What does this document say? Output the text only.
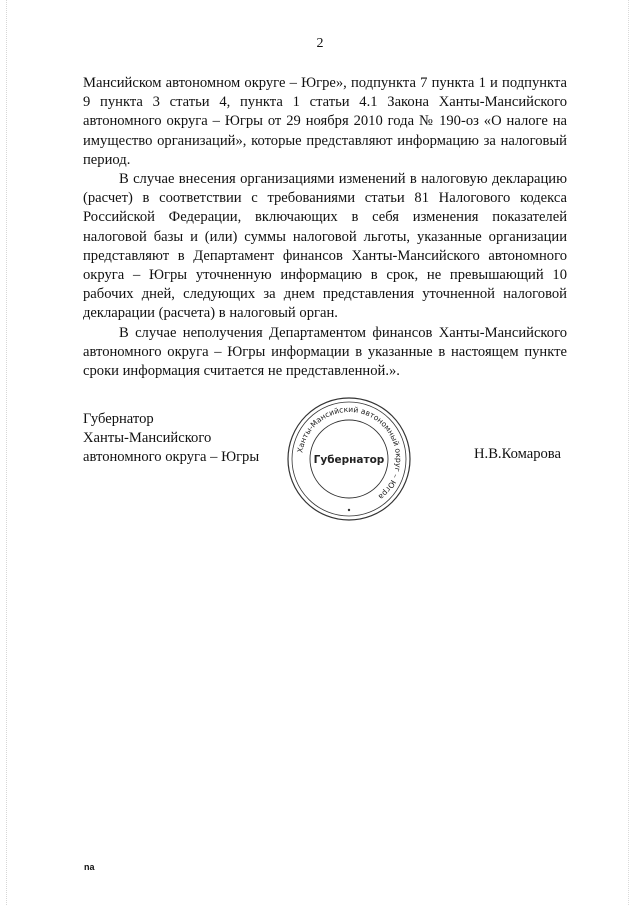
2

Мансийском автономном округе – Югре», подпункта 7 пункта 1 и подпункта 9 пункта 3 статьи 4, пункта 1 статьи 4.1 Закона Ханты-Мансийского автономного округа – Югры от 29 ноября 2010 года № 190-оз «О налоге на имущество организаций», которые представляют информацию за налоговый период.

В случае внесения организациями изменений в налоговую декларацию (расчет) в соответствии с требованиями статьи 81 Налогового кодекса Российской Федерации, включающих в себя изменения показателей налоговой базы и (или) суммы налоговой льготы, указанные организации представляют в Департамент финансов Ханты-Мансийского автономного округа – Югры уточненную информацию в срок, не превышающий 10 рабочих дней, следующих за днем представления уточненной налоговой декларации (расчета) в налоговый орган.

В случае неполучения Департаментом финансов Ханты-Мансийского автономного округа – Югры информации в указанные в настоящем пункте сроки информация считается не представленной.».

Губернатор
Ханты-Мансийского
автономного округа – Югры	Ханты-Мансийский автономный округ – Югра
Губернатор	Н.В.Комарова
na
